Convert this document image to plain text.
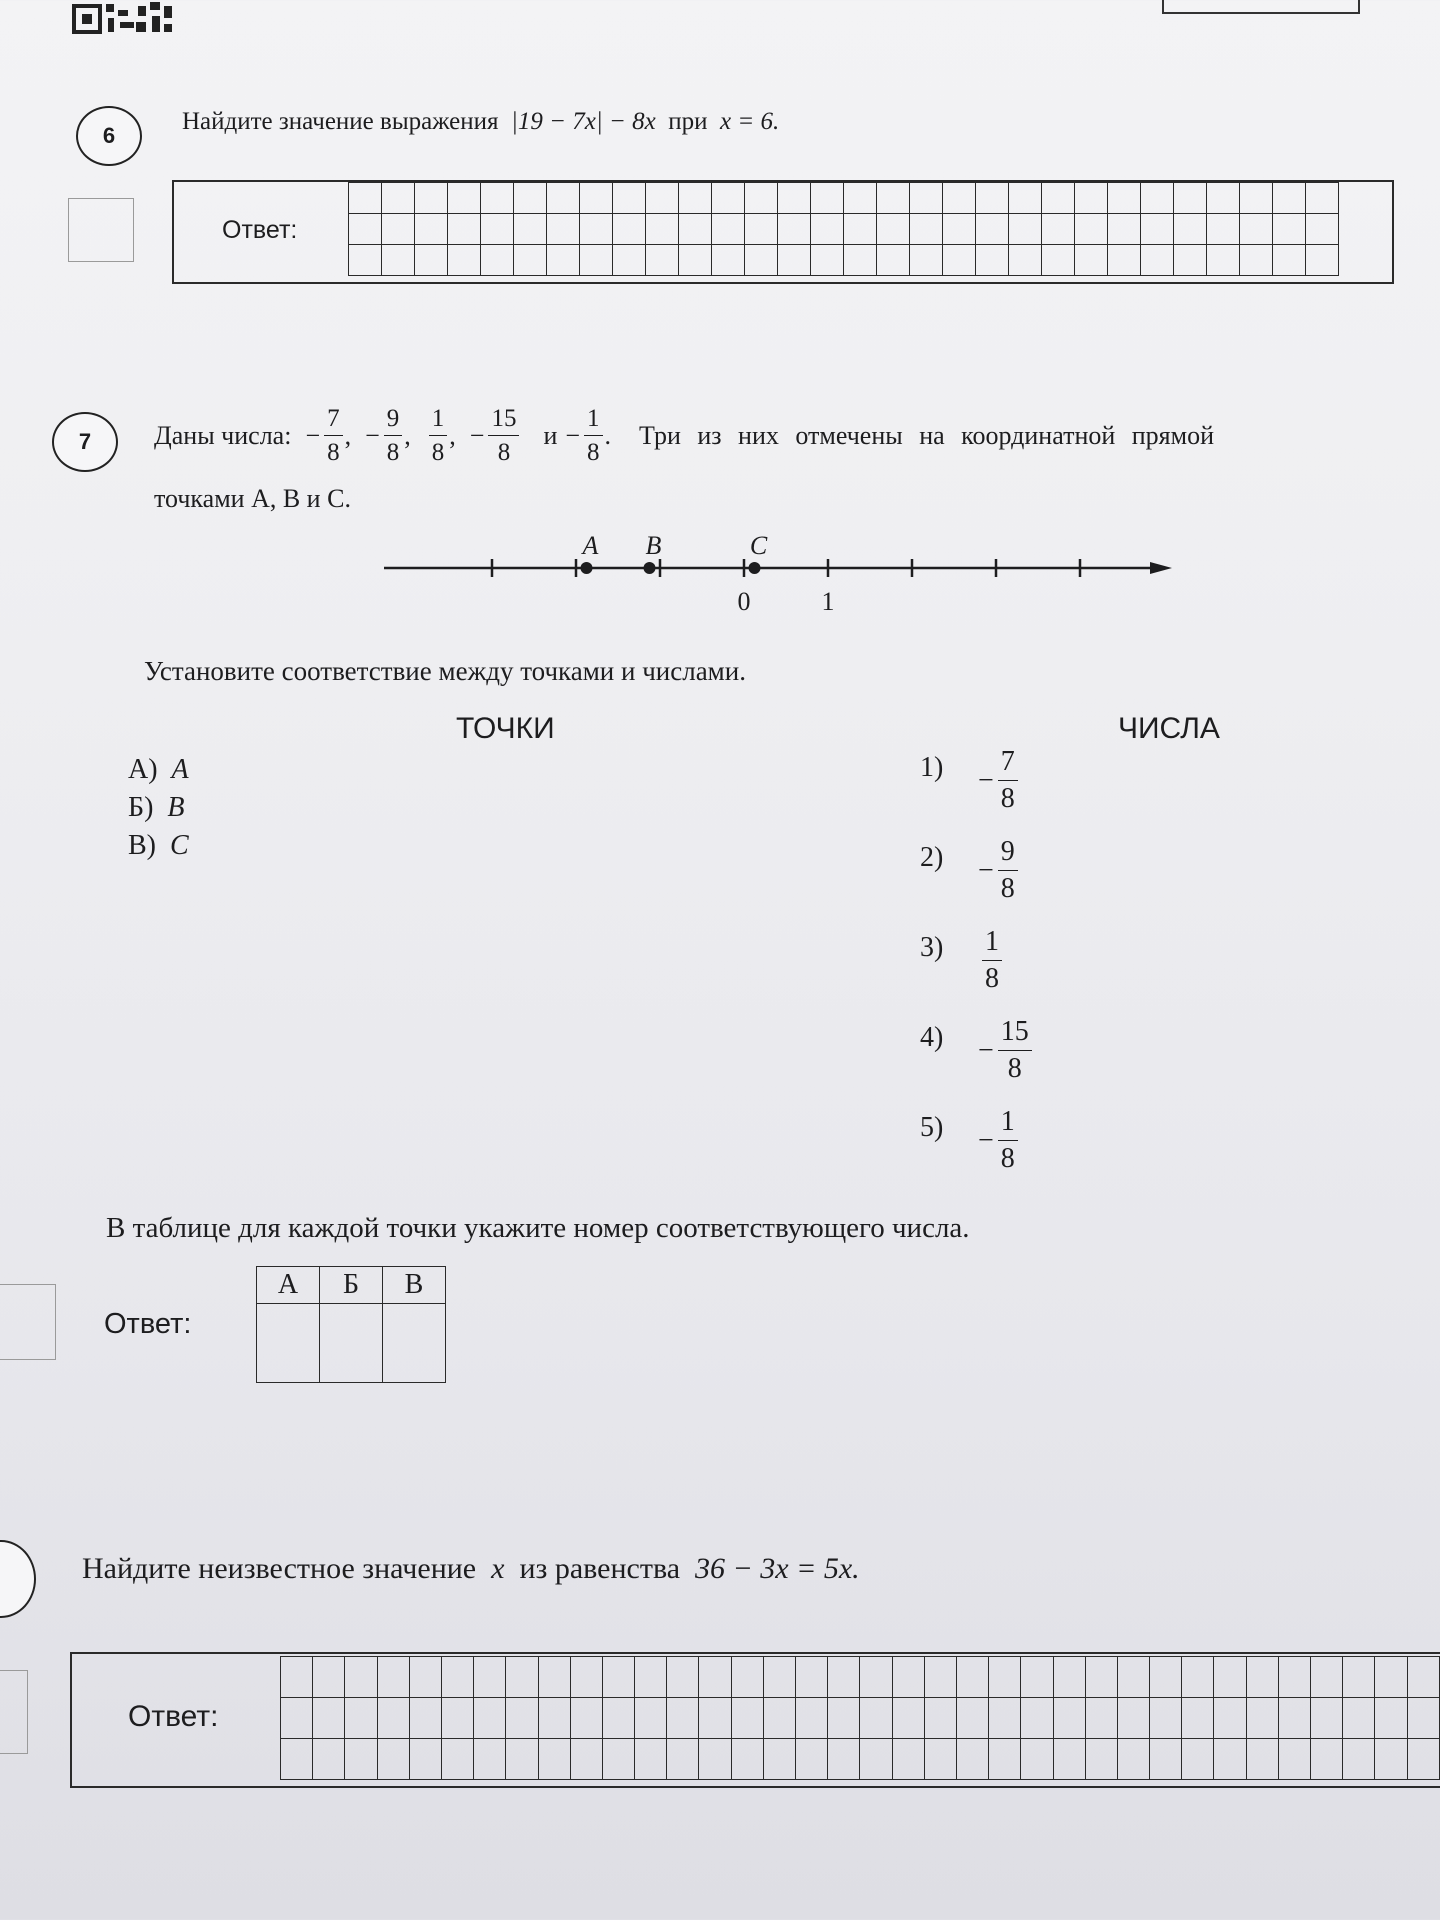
6
Найдите значение выражения |19 − 7x| − 8x при x = 6.
Ответ:

7	Даны числа: − $\frac{7}{8}$ , − $\frac{9}{8}$ , $\frac{1}{8}$ , − $\frac{15}{8}$ $и - \frac{1}{8}$ . Три из них отмечены на координатной прямой
точками A, B и C.
0	1
A B	C
Установите соответствие между точками и числами.
ТОЧКИ	ЧИСЛА
А) A
Б) B
В) C
$1) - \frac{7}{8}$
$2) - \frac{9}{8}$
$3) \frac{1}{8}$
$4) - \frac{15}{8}$
$5) - \frac{1}{8}$
В таблице для каждой точки укажите номер соответствующего числа.
Ответ:
А	Б	В

Найдите неизвестное значение x из равенства 36 − 3x = 5x.
Ответ:
